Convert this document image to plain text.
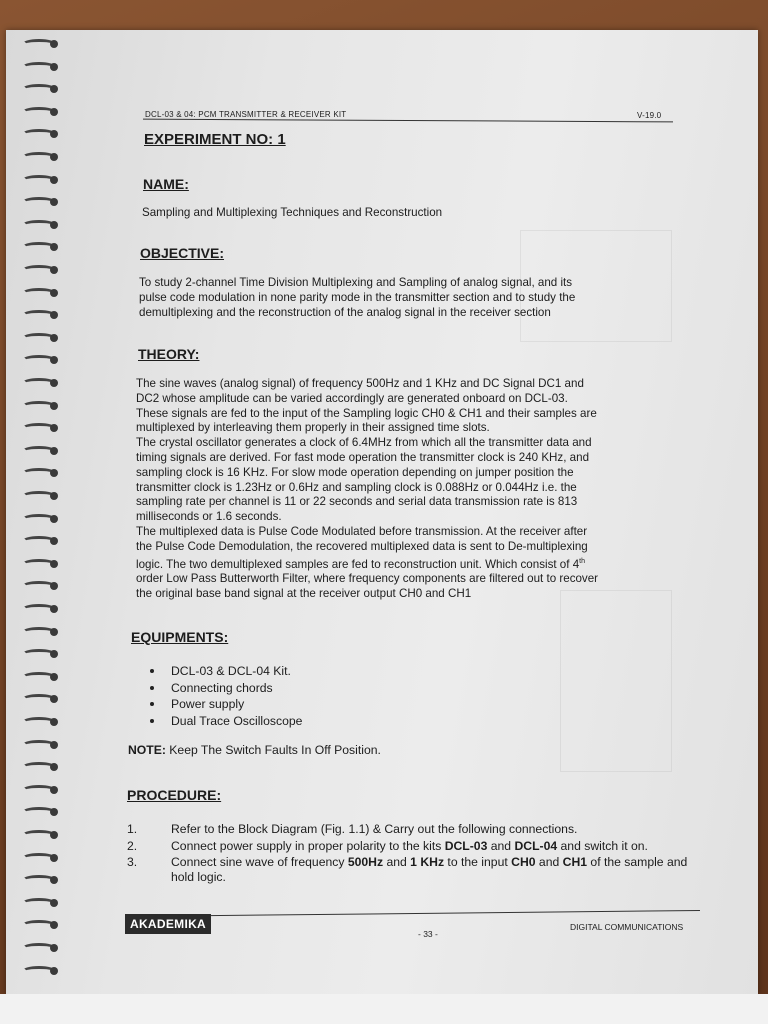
DCL-03 & 04: PCM TRANSMITTER & RECEIVER KIT	V-19.0
EXPERIMENT NO: 1
NAME:
Sampling and Multiplexing Techniques and Reconstruction
OBJECTIVE:
To study 2-channel Time Division Multiplexing and Sampling of analog signal, and its
pulse code modulation in none parity mode in the transmitter section and to study the
demultiplexing and the reconstruction of the analog signal in the receiver section
THEORY:
The sine waves (analog signal) of frequency 500Hz and 1 KHz and DC Signal DC1 and
DC2 whose amplitude can be varied accordingly are generated onboard on DCL-03.
These signals are fed to the input of the Sampling logic CH0 & CH1 and their samples are
multiplexed by interleaving them properly in their assigned time slots.
The crystal oscillator generates a clock of 6.4MHz from which all the transmitter data and
timing signals are derived. For fast mode operation the transmitter clock is 240 KHz, and
sampling clock is 16 KHz. For slow mode operation depending on jumper position the
transmitter clock is 1.23Hz or 0.6Hz and sampling clock is 0.088Hz or 0.044Hz i.e. the
sampling rate per channel is 11 or 22 seconds and serial data transmission rate is 813
milliseconds or 1.6 seconds.
The multiplexed data is Pulse Code Modulated before transmission. At the receiver after
the Pulse Code Demodulation, the recovered multiplexed data is sent to De-multiplexing
logic. The two demultiplexed samples are fed to reconstruction unit. Which consist of 4th
order Low Pass Butterworth Filter, where frequency components are filtered out to recover
the original base band signal at the receiver output CH0 and CH1
EQUIPMENTS:
DCL-03 & DCL-04 Kit.
Connecting chords
Power supply
Dual Trace Oscilloscope
NOTE: Keep The Switch Faults In Off Position.
PROCEDURE:
1.	Refer to the Block Diagram (Fig. 1.1) & Carry out the following connections.
2.	Connect power supply in proper polarity to the kits DCL-03 and DCL-04 and switch it on.
3.	Connect sine wave of frequency 500Hz and 1 KHz to the input CH0 and CH1 of the sample and hold logic.
AKADEMIKA
- 33 -
DIGITAL COMMUNICATIONS
